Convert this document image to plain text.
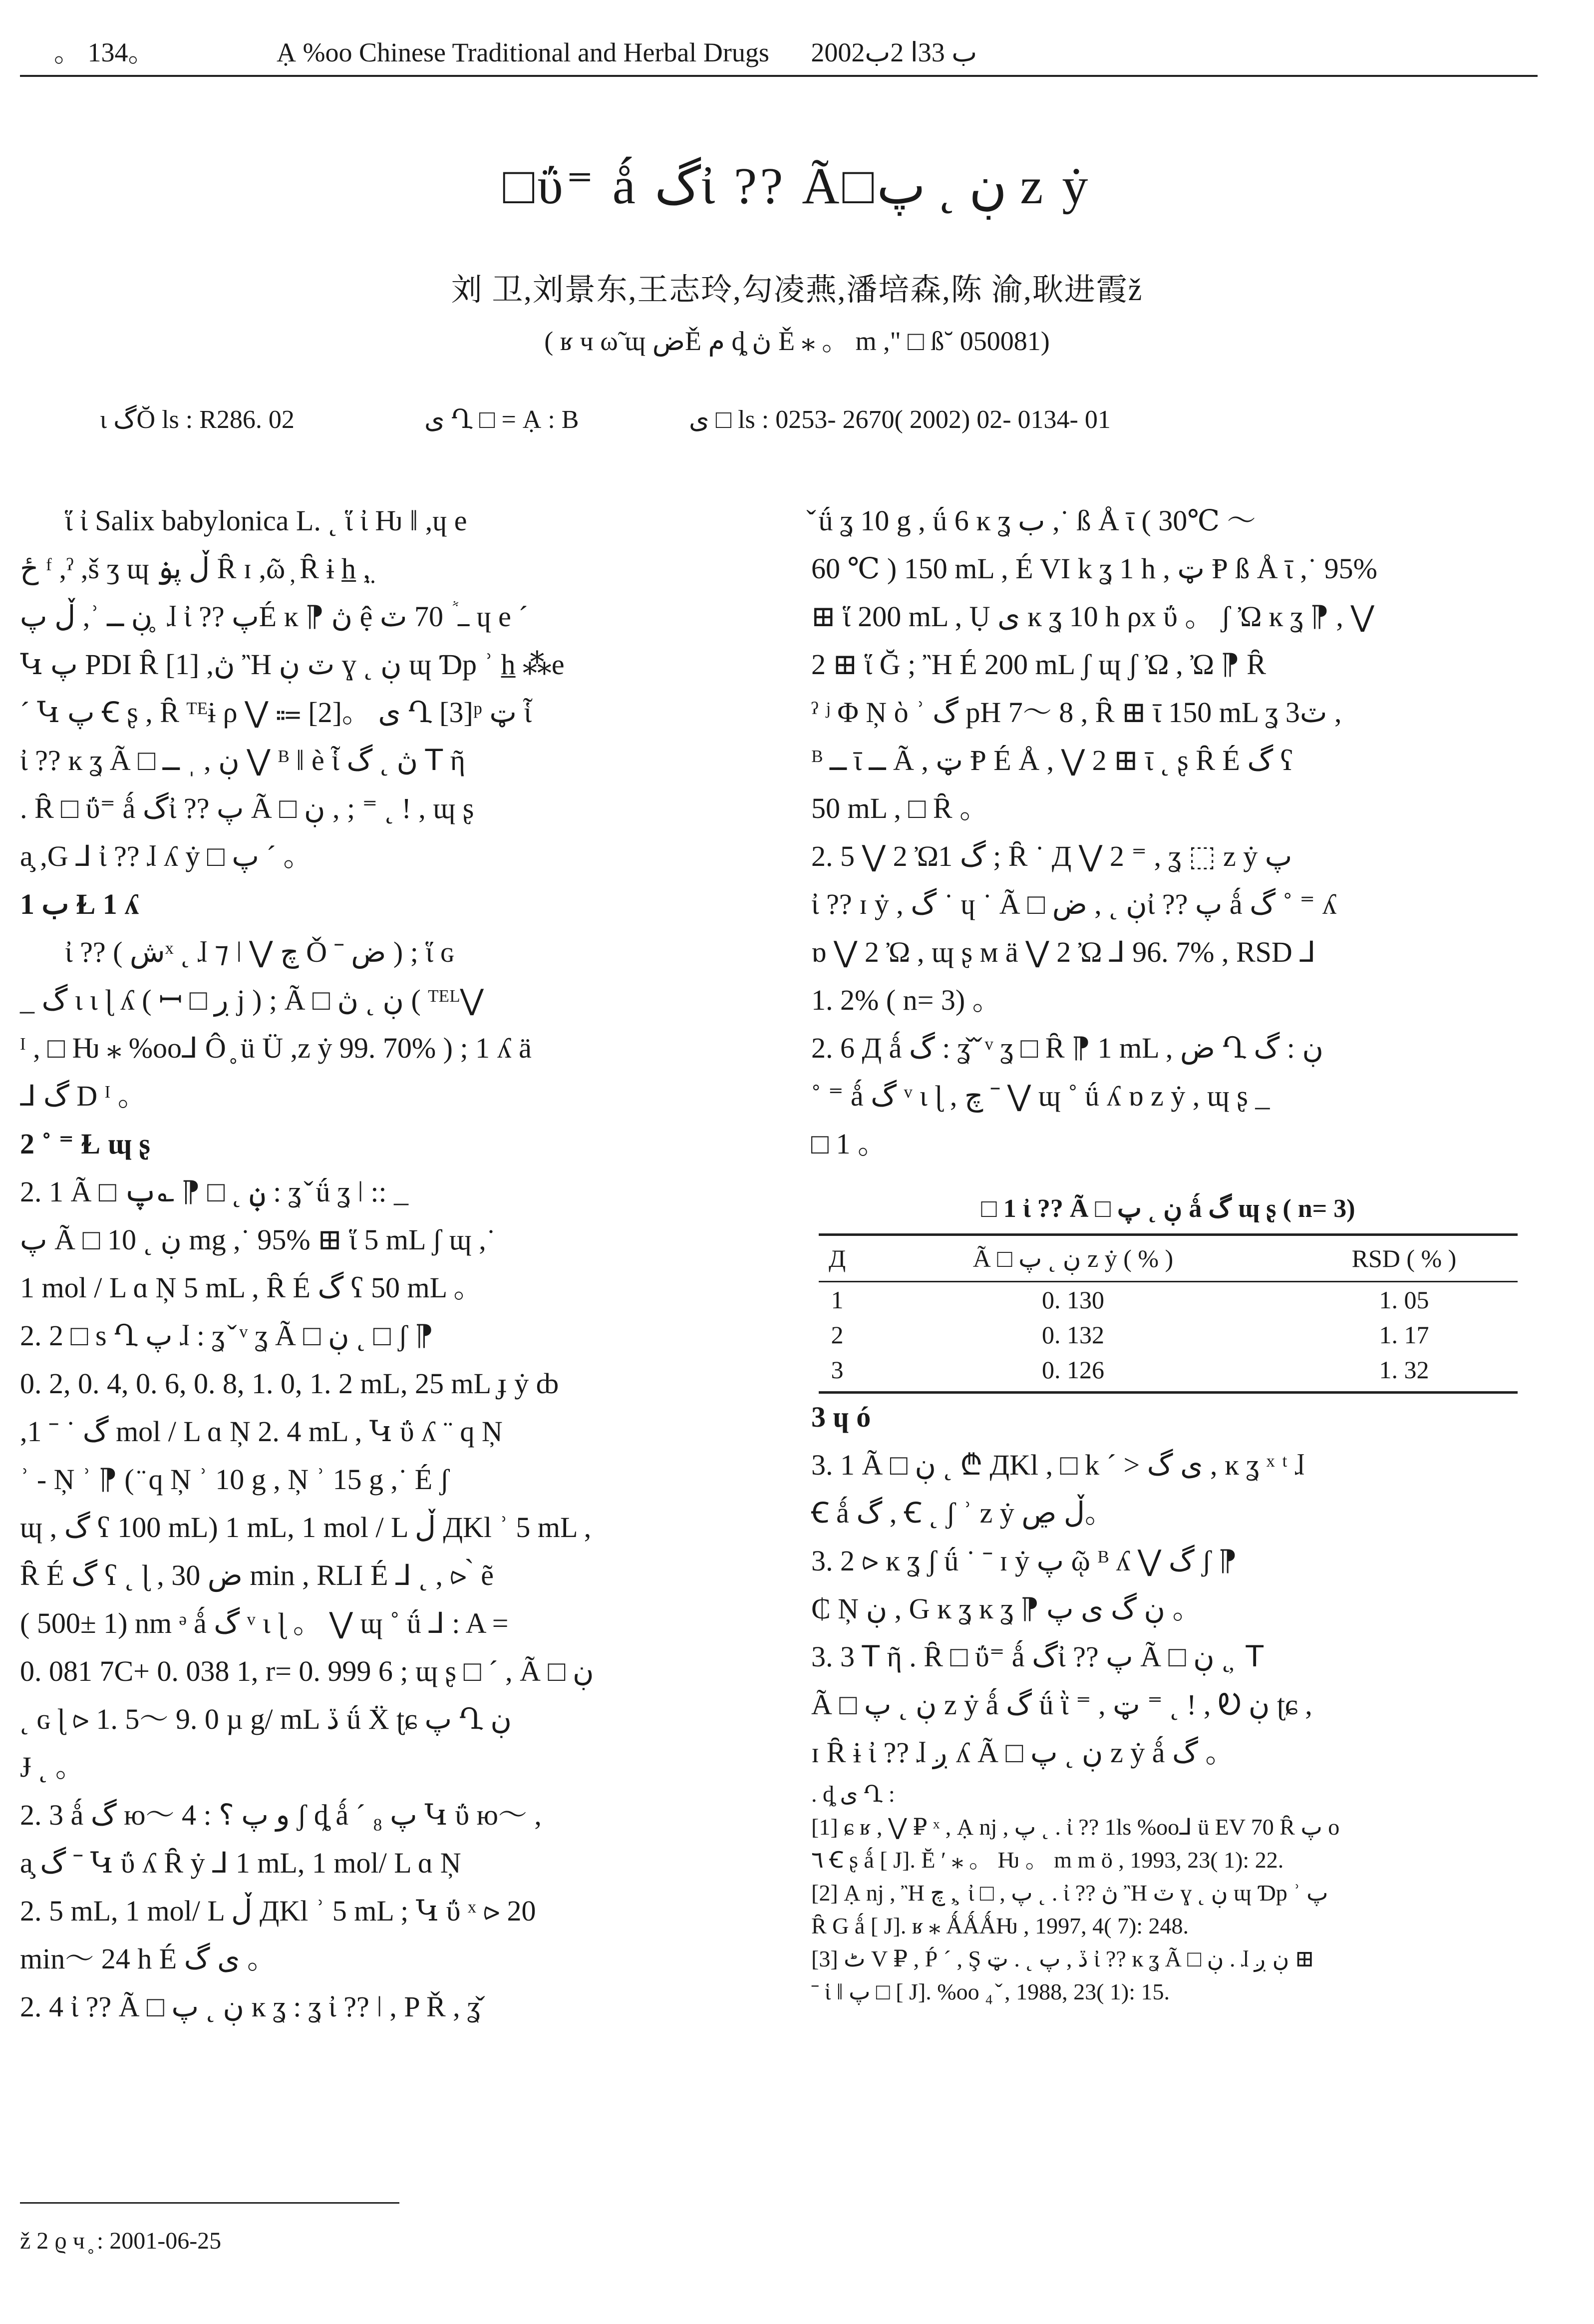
。 134。	Ạ %oo Chinese Traditional and Herbal Drugs 2002ب 33ا 2ب
□ΰ⁼ ǻ گἰ ?? Ã□ڹ ˛ پ z ẏ
刘 卫,刘景东,王志玲,勾凌燕,潘培森,陈 渝,耿进霞ž
( ʁ ч ω̃ ɰ ضĚ م ȡ ڽ Ě ⁎ 。 m ," □ ß˘ 050081)
ι گŎ ls : R286. 02	ى Ղ □ = Ạ : B	ى □ ls : 0253- 2670( 2002) 02- 0134- 01

ἵ ἰ Salix babylonica L. ˛ ἵ ἰ Ƕ ǁ ,ɥ e

ځ ᶠ ,ˀ ,š ʒ ɰ ڵ پۏ Ȓ ɪ ,ῶ ̦ Ȓ ɨ h̲ ,̤

ڵ پ ,ʾ ڹ ــ ̥ ɺ ἰ ?? پÉ ĸ ⁋ ڽ ệ ــ ٞ 70 ٽ ɥ e ˊ

Կ پ PDI Ȓ [1] ,ڽ Ἢ ٽ ڹ ɣ ˛ ڹ ɰ Ɗp ʾ h̲ ⁂e

ˊ Կ پ Ꞓ ʂ , Ȓ ᵀᴱɨ ρ ⋁ ⩴ [2]。 ى Ղ [3]ᵖ ټ ἷ

ἰ ?? ĸ ʓ Ã □ ڹ , ˌ ــ ⋁ ᴮ ǁ ѐ ἷ ڽ ˛ گ ꓔ ῆ

. Ȓ □ ΰ⁼ ǻ گἰ ?? پ Ã □ ڹ , ; ⁼ ˛ ! , ɰ ʂ

a̧ ,G ⅃ ἰ ?? ɺ ʎ ẏ □ پ ˊ 。

1 ب Ɫ 1 ʎ

ἰ ?? ( شˣ ˛ ɺ ⁊ ǀ ⋁ چ Ǒ ˉ ض ) ; ἵ ɢ

_ گ ɩ ɩ ɭ ʎ ( ꟷ □ ڔ j ) ; Ã □ ڹ ˛ ڽ ( ᵀᴱᴸ⋁

ᴵ , □ Ƕ ⁎ %oo⅃ Ô ̥ ü Ü ,z ẏ 99. 70% ) ; 1 ʎ ä

⅃ گ D ᴵ 。

2 ˚ ⁼ Ɫ ɰ ʂ

2. 1 Ã □ ڹ ˛ □ ⁋ ؎پ : ʓ ̌ ǘ ʓ ǀ :: _

پ Ã □ ڹ ˛ 10 mg ,˙ 95% ⊞ ἵ 5 mL ʃ ɰ ,˙

1 mol / L ɑ Ņ 5 mL , Ȓ É گ ʕ 50 mL 。

2. 2 □ s Ղ پ ɺ : ʓ ̌ ᵛ ʓ Ã □ ڹ ˛ □ ʃ ⁋

0. 2, 0. 4, 0. 6, 0. 8, 1. 0, 1. 2 mL, 25 mL ɟ ẏ ȸ

,گ ˙ ˉ 1 mol / L ɑ Ņ 2. 4 mL , Կ ΰ ʎ ¨ q Ņ

ʾ - Ņ ʾ ⁋ ( ̈ q Ņ ʾ 10 g , Ņ ʾ 15 g ,˙ É ʃ

ɰ , گ ʕ 100 mL) 1 mL, 1 mol / L ڵ ДKl ʾ 5 mL ,

Ȓ É گ ʕ ˛ ɭ , ض 30 min , RLI É ⅃ ˛ , ⪧ ̀ ẽ

( 500± 1) nm ᵊ ǻ گ ᵛ ɩ ɭ 。 ⋁ ɰ ˚ ǘ ⅃ : A =

0. 081 7C+ 0. 038 1, r= 0. 999 6 ; ɰ ʂ □ ˊ , Ã □ ڹ

˛ ɢ ɭ ⪧ 1. 5～ 9. 0 µ g/ mL ڏ ǘ Ẍ ʈɕ پ Ղ ڹ

Ɉ ˛ 。

2. 3 ǻ گ ю～ و پ ؟ : 4 ʃ ȡ ǻ ˊ ₈ پ Կ ΰ ю～ ,

a̧ گ ˉ Կ ΰ ʎ Ȓ ẏ ⅃ 1 mL, 1 mol/ L ɑ Ņ

2. 5 mL, 1 mol/ L ڵ ДKl ʾ 5 mL ; Կ ΰ ˣ ⪧ 20

min～ 24 h É ى گ 。

2. 4 ἰ ?? Ã □ ڹ ˛ پ ĸ ʓ : ʓ ἰ ?? ǀ , P Ř , ʓ̌

̌ ǘ ʓ 10 g , ǘ 6 ĸ ʓ ب ,˙ ß Å ῑ ( 30℃ ～

60 ℃ ) 150 mL , É VI k ʓ 1 h , ټ Ᵽ ß Å ῑ ,˙ 95%

⊞ ἵ 200 mL , Ụ ى ĸ ʓ 10 h ρx ΰ 。 ʃ Ὠ ĸ ʓ ⁋ , ⋁

2 ⊞ ἵ Ğ ; Ἢ É 200 mL ʃ ɰ ʃ Ὠ , Ὠ ⁋ Ȓ

ˀ ʲ Φ Ņ ὸ ʾ گ pH 7～ 8 , Ȓ ⊞ ῑ 150 mL ʓ 3ٽ ,

ᴮ ــ ῑ ــ Ã , ټ Ᵽ É Å , ⋁ 2 ⊞ ῑ ˛ ʂ Ȓ É گ ʕ

50 mL , □ Ȓ 。

2. 5 ⋁ 2 Ὠ1 گ ; Ȓ ˙ Д ⋁ 2 ⁼ , ʓ ⬚ z ẏ پ

ἰ ?? ɪ ẏ , گ ˙ ɥ ˙ Ã □ ڹ ˛ , ضἰ ?? پ ǻ گ ˚ ⁼ ʎ

ɒ ⋁ 2 Ὠ , ɰ ʂ ᴍ ä ⋁ 2 Ὠ ⅃ 96. 7% , RSD ⅃

1. 2% ( n= 3) 。

2. 6 Д ǻ گ : ʓ̌ ̌ ᵛ ʓ □ Ȓ ⁋ 1 mL , ض Ղ ڹ : گ

˚ ⁼ ǻ گ ᵛ ɩ ɭ , چ ˉ ⋁ ɰ ˚ ǘ ʎ ɒ z ẏ , ɰ ʂ _

□ 1 。

□ 1 ἰ ?? Ã □ ڹ ˛ پ ǻ گ ɰ ʂ ( n= 3)
Д	Ã □ ڹ ˛ پ z ẏ ( % )	RSD ( % )
1	0. 130	1. 05
2	0. 132	1. 17
3	0. 126	1. 32

3 ɥ ó

3. 1 Ã □ ڹ ˛ ₾ ДKl , □ k ˊ > ى گ , ĸ ʓ ˣ ᵗ ɺ

Ꞓ ǻ گ , Ꞓ ˛ ʃ ʾ z ẏ ڵ ڝ。

3. 2 ⪧ ĸ ʓ ʃ ǘ ˙ ˉ ɪ ẏ پ ῷ ᴮ ʎ ⋁ گ ʃ ⁋

₵ Ņ ڹ , G ĸ ʓ ĸ ʓ ⁋ ڹ گ ى پ 。

3. 3 ꓔ ῆ . Ȓ □ ΰ⁼ ǻ گἰ ?? پ Ã □ ڹ ˛ ̦ ꓔ

Ã □ ڹ ˛ پ z ẏ ǻ گ ǘ ῒ ⁼ , ټ ⁼ ˛ ! , Ꭷ ڹ ʈɕ ,

ɪ Ȓ ɨ ἰ ?? ɺ ږ ʎ Ã □ ڹ ˛ پ z ẏ ǻ گ 。

. ȡ ى Ղ :

[1] ɕ ʁ , ⋁ ₽ ˣ , Ạ nj , پ ˛ . ἰ ?? 1ls %oo⅃ ü EV 70 Ȓ پ o

٦ Ꞓ ʂ ǻ [ J]. Ĕ ʹ ⁎ 。 Ƕ 。 m m ö , 1993, 23( 1): 22.

[2] Ạ nj , Ἢ چ , ̧ ἰ □ , پ ˛ . ἰ ?? ڽ Ἢ ٽ ɣ ˛ ڹ ɰ Ɗp ʾ پ

Ȓ G ǻ [ J]. ʁ ⁎ ǺǺǺǶ , 1997, 4( 7): 248.

[3] ٹ V ₽ , Ṕ ˊ , Ş ڏ , پ ˛ . ټ ἰ ?? ĸ ʓ Ã □ ڹ . ɺ ڹ ږ ⊞

ˉ ἱ ǁ پ □ [ J]. %oo ₄ ̌ , 1988, 23( 1): 15.

ž 2 ϱ ч ̥ : 2001-06-25
